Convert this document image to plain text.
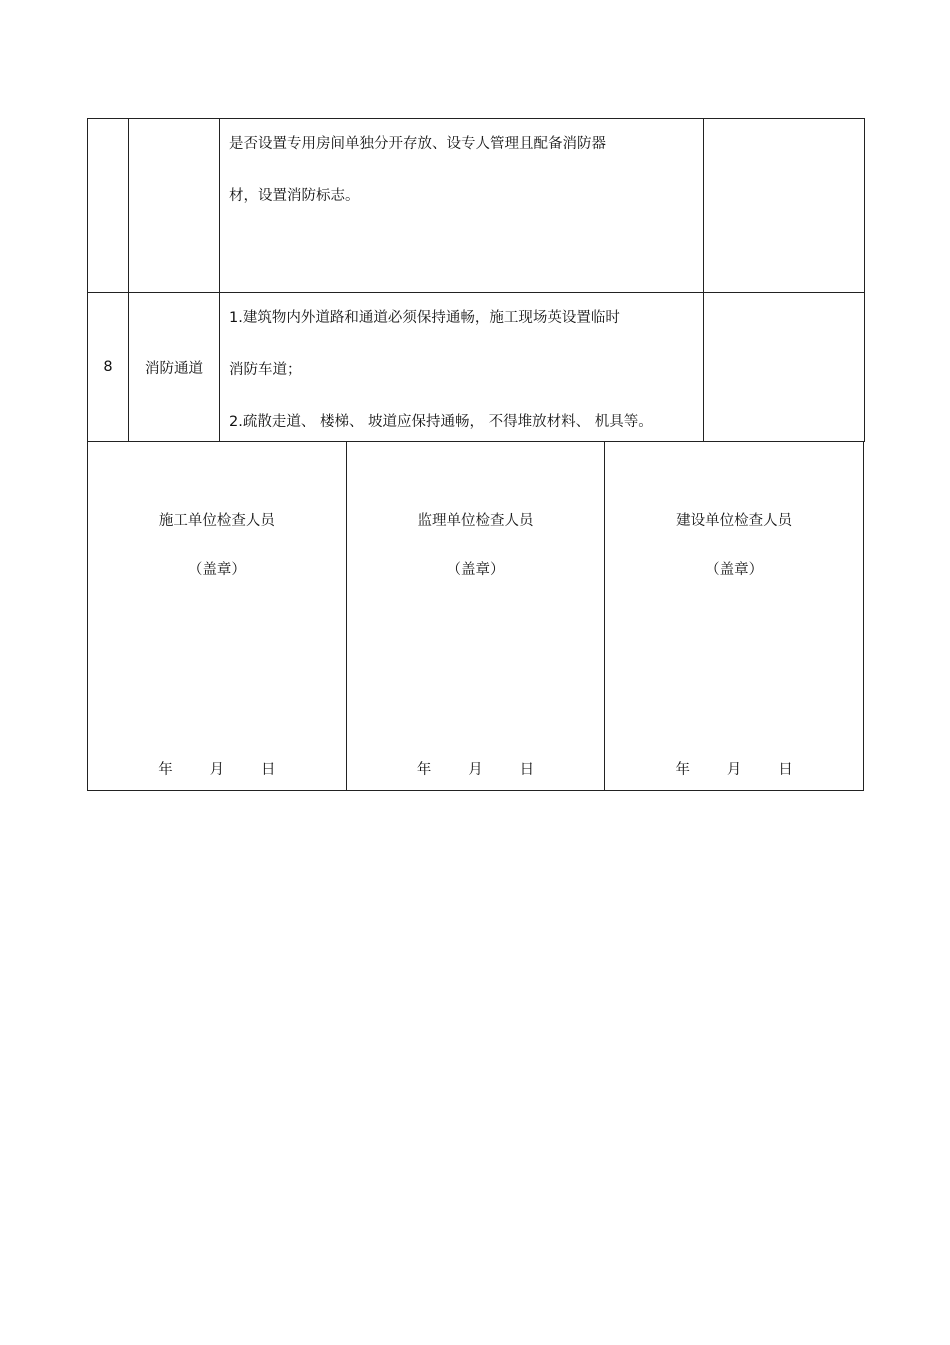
		是否设置专用房间单独分开存放、设专人管理且配备消防器
材，设置消防标志。	

8	消防通道	1.建筑物内外道路和通道必须保持通畅，施工现场英设置临时
消防车道；
2.疏散走道、 楼梯、 坡道应保持通畅， 不得堆放材料、 机具等。	

施工单位检查人员
（盖章）
年        月        日

监理单位检查人员
（盖章）
年        月        日

建设单位检查人员
（盖章）
年        月        日
